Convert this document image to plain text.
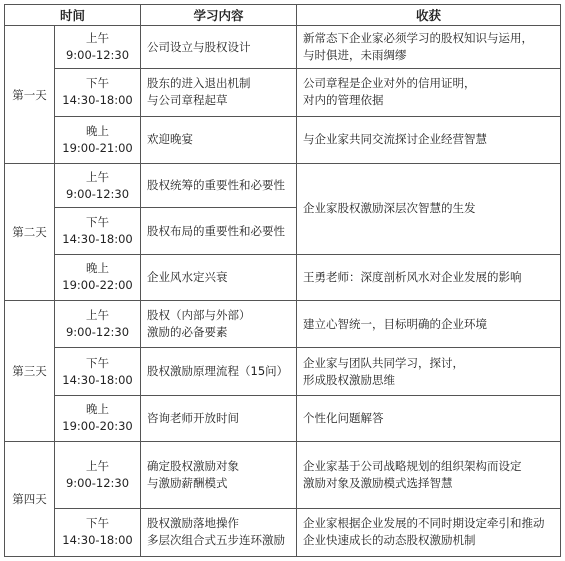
时间		学习内容	收获
第一天	上午
9:00-12:30	公司设立与股权设计	新常态下企业家必须学习的股权知识与运用，
与时俱进，未雨绸缪

	下午
14:30-18:00	股东的进入退出机制
与公司章程起草	公司章程是企业对外的信用证明，
对内的管理依据

	晚上
19:00-21:00	欢迎晚宴	与企业家共同交流探讨企业经营智慧

第二天	上午
9:00-12:30	股权统筹的重要性和必要性	企业家股权激励深层次智慧的生发

	下午
14:30-18:00	股权布局的重要性和必要性	

	晚上
19:00-22:00	企业风水定兴衰	王勇老师：深度剖析风水对企业发展的影响

第三天	上午
9:00-12:30	股权（内部与外部）
激励的必备要素	建立心智统一，目标明确的企业环境

	下午
14:30-18:00	股权激励原理流程（15问）	企业家与团队共同学习，探讨，
形成股权激励思维

	晚上
19:00-20:30	咨询老师开放时间	个性化问题解答

第四天	上午
9:00-12:30	确定股权激励对象
与激励薪酬模式	企业家基于公司战略规划的组织架构而设定
激励对象及激励模式选择智慧

	下午
14:30-18:00	股权激励落地操作
多层次组合式五步连环激励	企业家根据企业发展的不同时期设定牵引和推动
企业快速成长的动态股权激励机制
